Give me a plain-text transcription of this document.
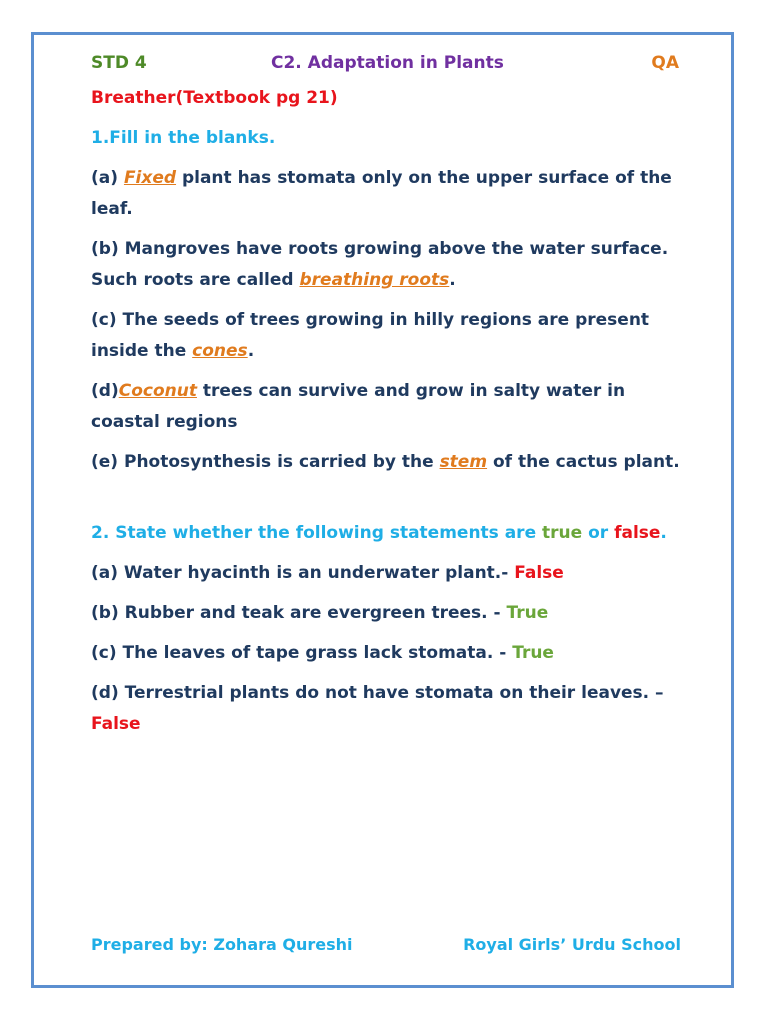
STD 4	C2. Adaptation in Plants	QA

Breather(Textbook pg 21)

1.Fill in the blanks.

(a) Fixed plant has stomata only on the upper surface of the leaf.

(b) Mangroves have roots growing above the water surface. Such roots are called breathing roots.

(c) The seeds of trees growing in hilly regions are present inside the cones.

(d)Coconut trees can survive and grow in salty water in coastal regions

(e) Photosynthesis is carried by the stem of the cactus plant.

2. State whether the following statements are true or false.

(a) Water hyacinth is an underwater plant.- False

(b) Rubber and teak are evergreen trees. - True

(c) The leaves of tape grass lack stomata. - True

(d) Terrestrial plants do not have stomata on their leaves. – False

Prepared by: Zohara Qureshi	Royal Girls’ Urdu School
